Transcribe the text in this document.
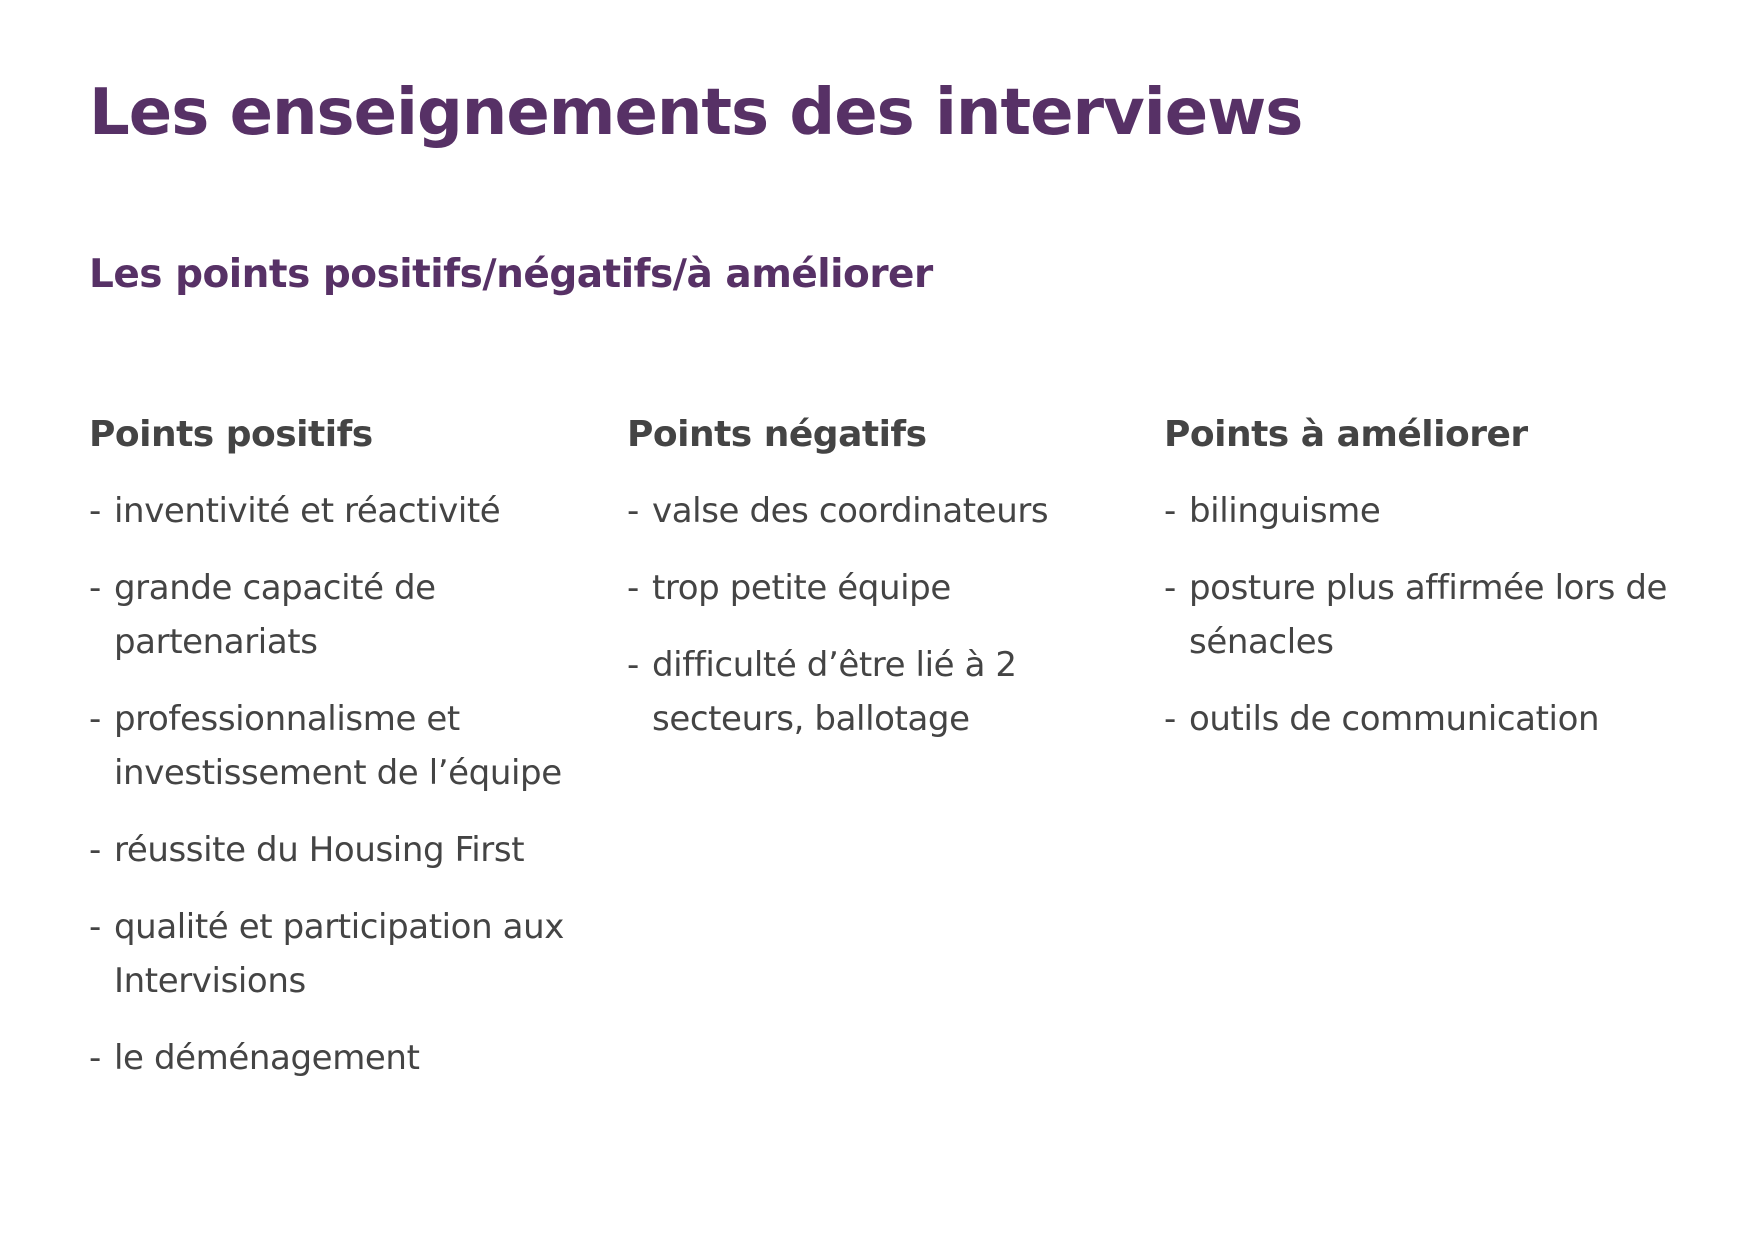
Les enseignements des interviews
Les points positifs/négatifs/à améliorer
Points positifs
- inventivité et réactivité
- grande capacité de partenariats
- professionnalisme et investissement de l’équipe
- réussite du Housing First
- qualité et participation aux Intervisions
- le déménagement
Points négatifs
- valse des coordinateurs
- trop petite équipe
- difficulté d’être lié à 2 secteurs, ballotage
Points à améliorer
- bilinguisme
- posture plus affirmée lors de sénacles
- outils de communication
